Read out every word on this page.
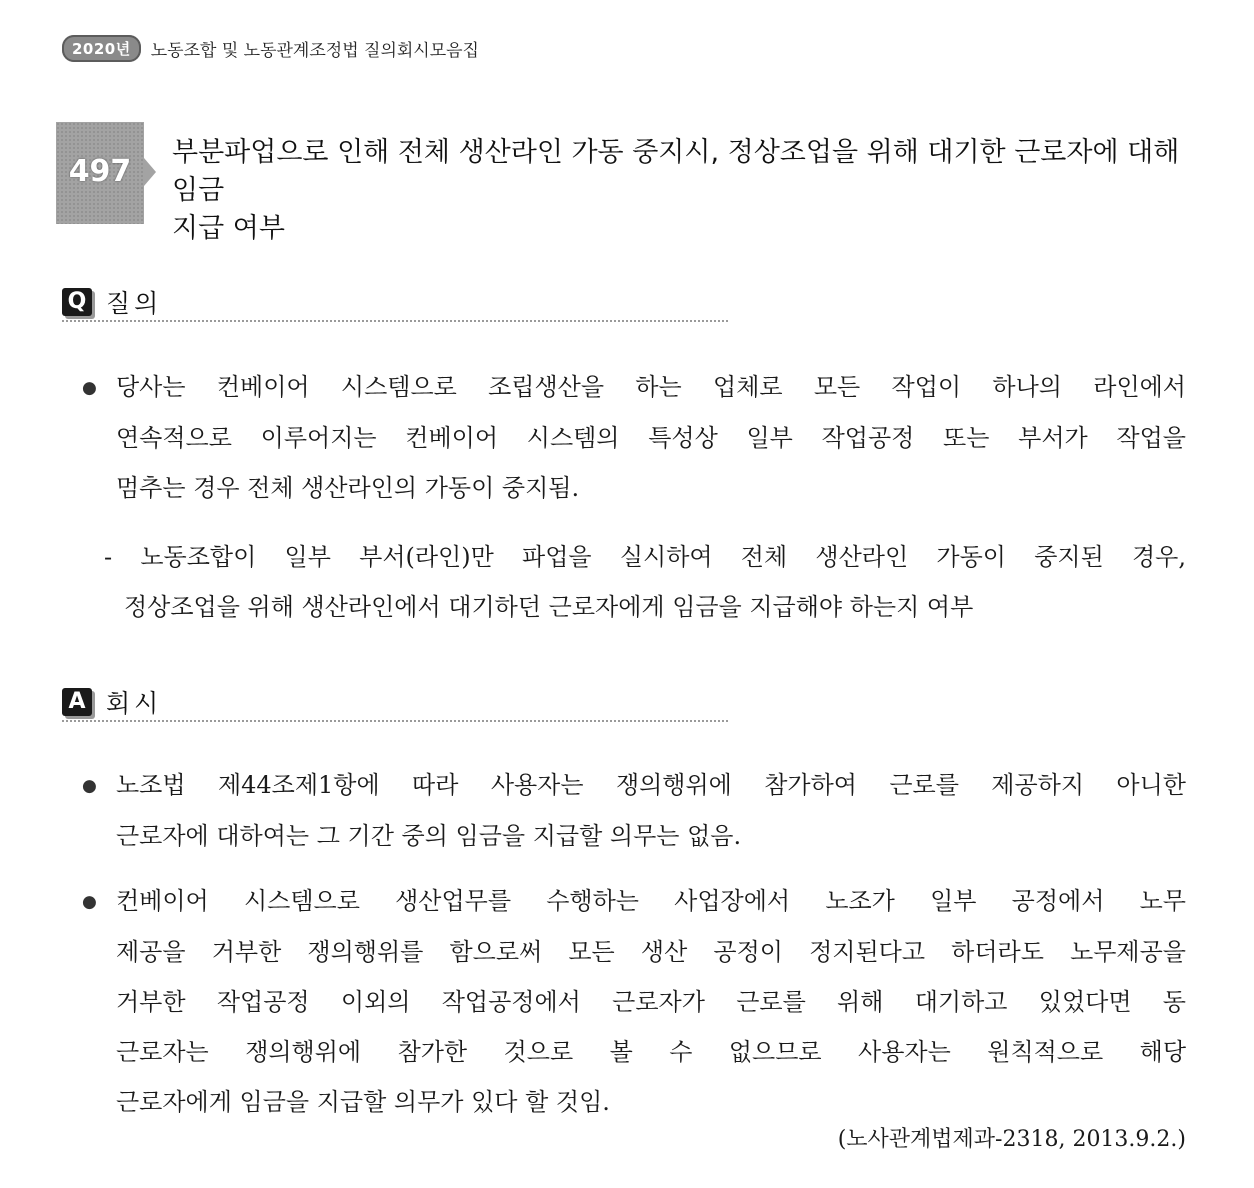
2020년	노동조합 및 노동관계조정법 질의회시모음집
497
부분파업으로 인해 전체 생산라인 가동 중지시, 정상조업을 위해 대기한 근로자에 대해 임금
지급 여부
Q 질의
● 당사는 컨베이어 시스템으로 조립생산을 하는 업체로 모든 작업이 하나의 라인에서
연속적으로 이루어지는 컨베이어 시스템의 특성상 일부 작업공정 또는 부서가 작업을
멈추는 경우 전체 생산라인의 가동이 중지됨.
- 노동조합이 일부 부서(라인)만 파업을 실시하여 전체 생산라인 가동이 중지된 경우,
정상조업을 위해 생산라인에서 대기하던 근로자에게 임금을 지급해야 하는지 여부
A 회시
● 노조법 제44조제1항에 따라 사용자는 쟁의행위에 참가하여 근로를 제공하지 아니한
근로자에 대하여는 그 기간 중의 임금을 지급할 의무는 없음.
● 컨베이어 시스템으로 생산업무를 수행하는 사업장에서 노조가 일부 공정에서 노무
제공을 거부한 쟁의행위를 함으로써 모든 생산 공정이 정지된다고 하더라도 노무제공을
거부한 작업공정 이외의 작업공정에서 근로자가 근로를 위해 대기하고 있었다면 동
근로자는 쟁의행위에 참가한 것으로 볼 수 없으므로 사용자는 원칙적으로 해당
근로자에게 임금을 지급할 의무가 있다 할 것임.
(노사관계법제과-2318, 2013.9.2.)
